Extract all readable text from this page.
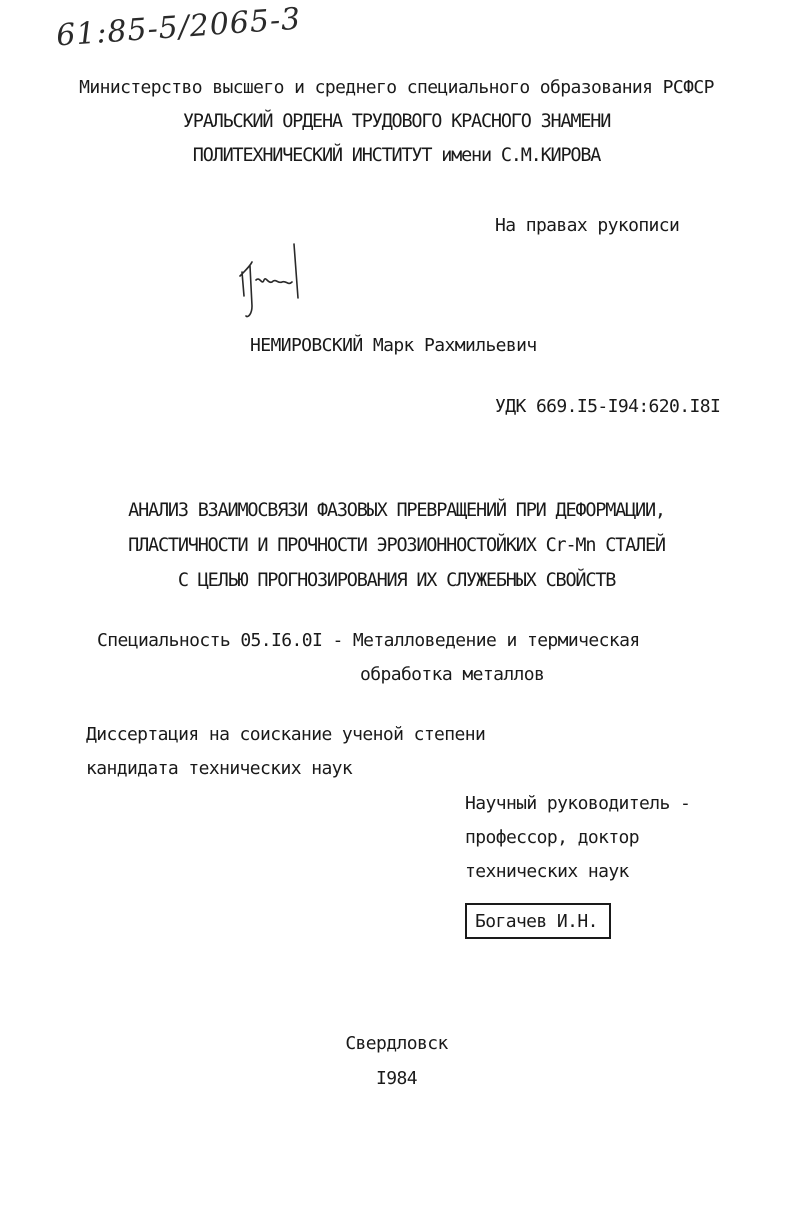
61:85-5/2065-3
Министерство высшего и среднего специального образования РСФСР
УРАЛЬСКИЙ ОРДЕНА ТРУДОВОГО КРАСНОГО ЗНАМЕНИ
ПОЛИТЕХНИЧЕСКИЙ ИНСТИТУТ имени С.М.КИРОВА
На правах рукописи
НЕМИРОВСКИЙ Марк Рахмильевич
УДК 669.I5-I94:620.I8I
АНАЛИЗ ВЗАИМОСВЯЗИ ФАЗОВЫХ ПРЕВРАЩЕНИЙ ПРИ ДЕФОРМАЦИИ,
ПЛАСТИЧНОСТИ И ПРОЧНОСТИ ЭРОЗИОННОСТОЙКИХ Cr-Mn СТАЛЕЙ
С ЦЕЛЬЮ ПРОГНОЗИРОВАНИЯ ИХ СЛУЖЕБНЫХ СВОЙСТВ
Специальность 05.I6.0I - Металловедение и термическая
обработка металлов
Диссертация на соискание ученой степени
кандидата технических наук
Научный руководитель -
профессор, доктор
технических наук
Богачев И.Н.
Свердловск
I984
